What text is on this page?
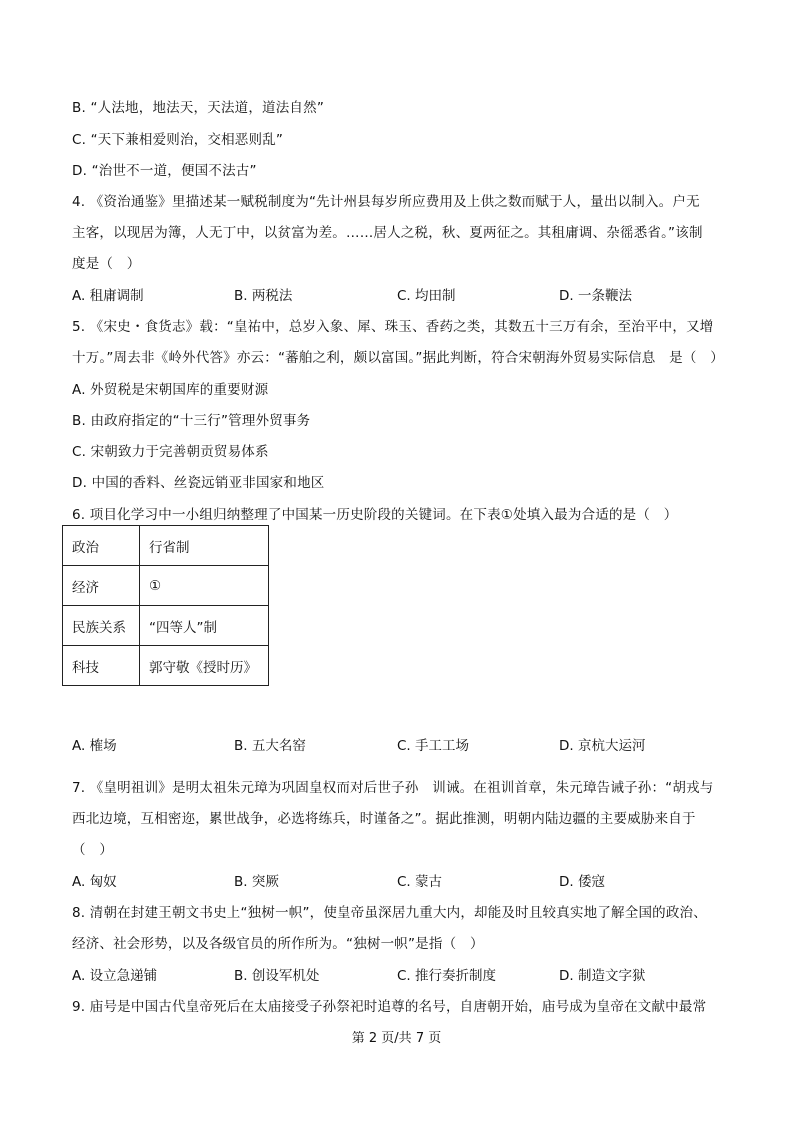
B. “人法地，地法天，天法道，道法自然”
C. “天下兼相爱则治，交相恶则乱”
D. “治世不一道，便国不法古”
4. 《资治通鉴》里描述某一赋税制度为“先计州县每岁所应费用及上供之数而赋于人，量出以制入。户无
主客，以现居为簿，人无丁中，以贫富为差。……居人之税，秋、夏两征之。其租庸调、杂徭悉省。”该制
度是（　）
A. 租庸调制	B. 两税法	C. 均田制	D. 一条鞭法
5. 《宋史・食货志》载：“皇祐中，总岁入象、犀、珠玉、香药之类，其数五十三万有余，至治平中，又增
十万。”周去非《岭外代答》亦云：“蕃舶之利，颇以富国。”据此判断，符合宋朝海外贸易实际信息　是（　）
A. 外贸税是宋朝国库的重要财源
B. 由政府指定的“十三行”管理外贸事务
C. 宋朝致力于完善朝贡贸易体系
D. 中国的香料、丝瓷远销亚非国家和地区
6. 项目化学习中一小组归纳整理了中国某一历史阶段的关键词。在下表①处填入最为合适的是（　）
政治	行省制
经济	①
民族关系	“四等人”制
科技	郭守敬《授时历》
A. 榷场	B. 五大名窑	C. 手工工场	D. 京杭大运河
7. 《皇明祖训》是明太祖朱元璋为巩固皇权而对后世子孙　训诫。在祖训首章，朱元璋告诫子孙：“胡戎与
西北边境，互相密迩，累世战争，必选将练兵，时谨备之”。据此推测，明朝内陆边疆的主要威胁来自于
（　）
A. 匈奴	B. 突厥	C. 蒙古	D. 倭寇
8. 清朝在封建王朝文书史上“独树一帜”，使皇帝虽深居九重大内，却能及时且较真实地了解全国的政治、
经济、社会形势，以及各级官员的所作所为。“独树一帜”是指（　）
A. 设立急递铺	B. 创设军机处	C. 推行奏折制度	D. 制造文字狱
9. 庙号是中国古代皇帝死后在太庙接受子孙祭祀时追尊的名号，自唐朝开始，庙号成为皇帝在文献中最常
第 2 页/共 7 页
